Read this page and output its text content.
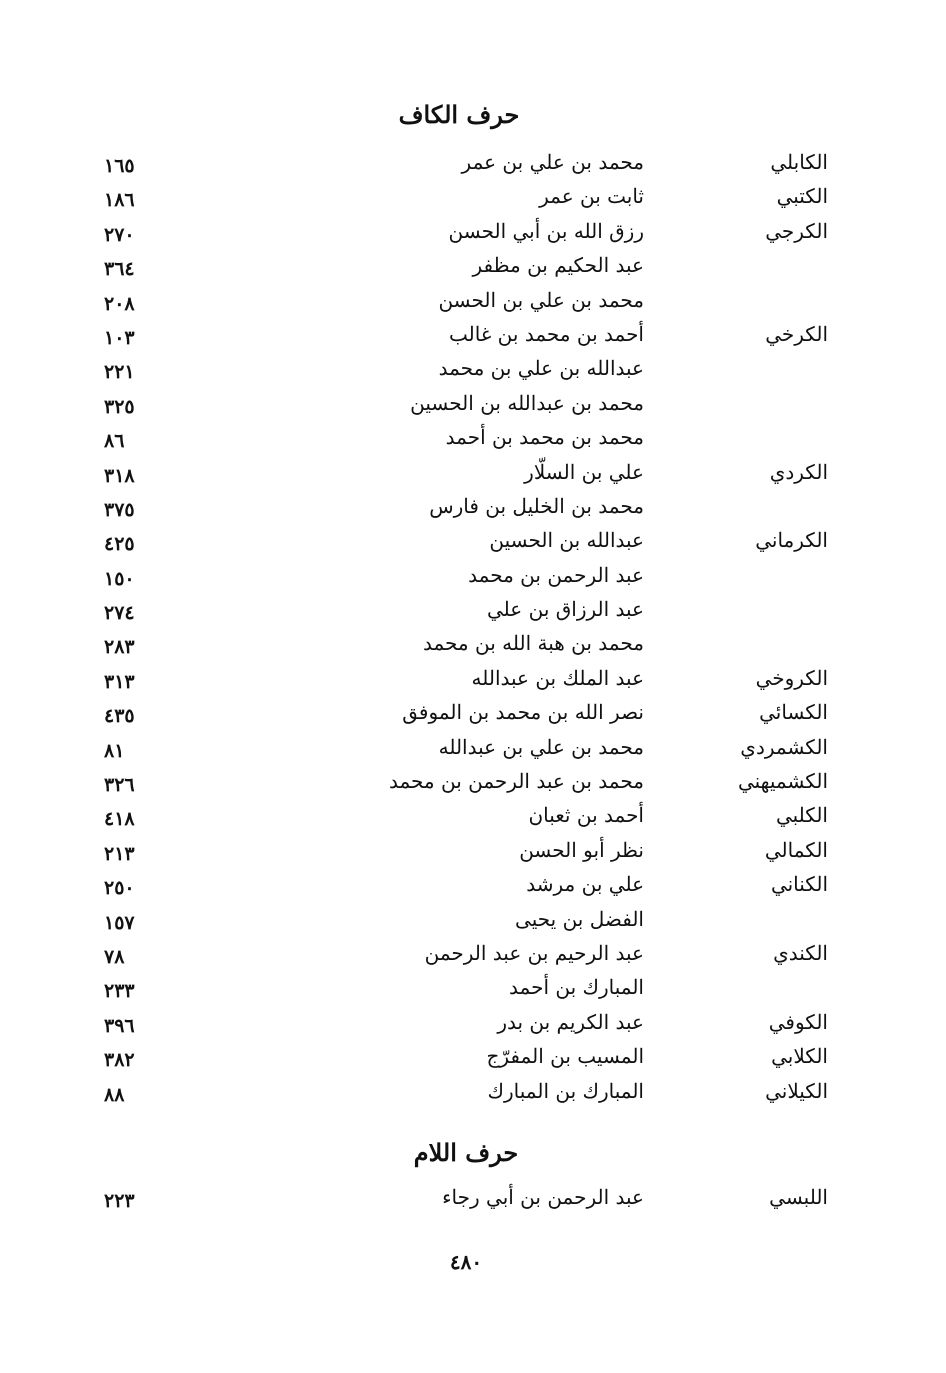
حرف الكاف
الكابلي
محمد بن علي بن عمر
١٦٥
الكتبي
ثابت بن عمر
١٨٦
الكرجي
رزق الله بن أبي الحسن
٢٧٠
عبد الحكيم بن مظفر
٣٦٤
محمد بن علي بن الحسن
٢٠٨
الكرخي
أحمد بن محمد بن غالب
١٠٣
عبدالله بن علي بن محمد
٢٢١
محمد بن عبدالله بن الحسين
٣٢٥
محمد بن محمد بن أحمد
٨٦
الكردي
علي بن السلّار
٣١٨
محمد بن الخليل بن فارس
٣٧٥
الكرماني
عبدالله بن الحسين
٤٢٥
عبد الرحمن بن محمد
١٥٠
عبد الرزاق بن علي
٢٧٤
محمد بن هبة الله بن محمد
٢٨٣
الكروخي
عبد الملك بن عبدالله
٣١٣
الكسائي
نصر الله بن محمد بن الموفق
٤٣٥
الكشمردي
محمد بن علي بن عبدالله
٨١
الكشميهني
محمد بن عبد الرحمن بن محمد
٣٢٦
الكلبي
أحمد بن ثعبان
٤١٨
الكمالي
نظر أبو الحسن
٢١٣
الكناني
علي بن مرشد
٢٥٠
الفضل بن يحيى
١٥٧
الكندي
عبد الرحيم بن عبد الرحمن
٧٨
المبارك بن أحمد
٢٣٣
الكوفي
عبد الكريم بن بدر
٣٩٦
الكلابي
المسيب بن المفرّج
٣٨٢
الكيلاني
المبارك بن المبارك
٨٨
حرف اللام
اللبسي
عبد الرحمن بن أبي رجاء
٢٢٣
٤٨٠
